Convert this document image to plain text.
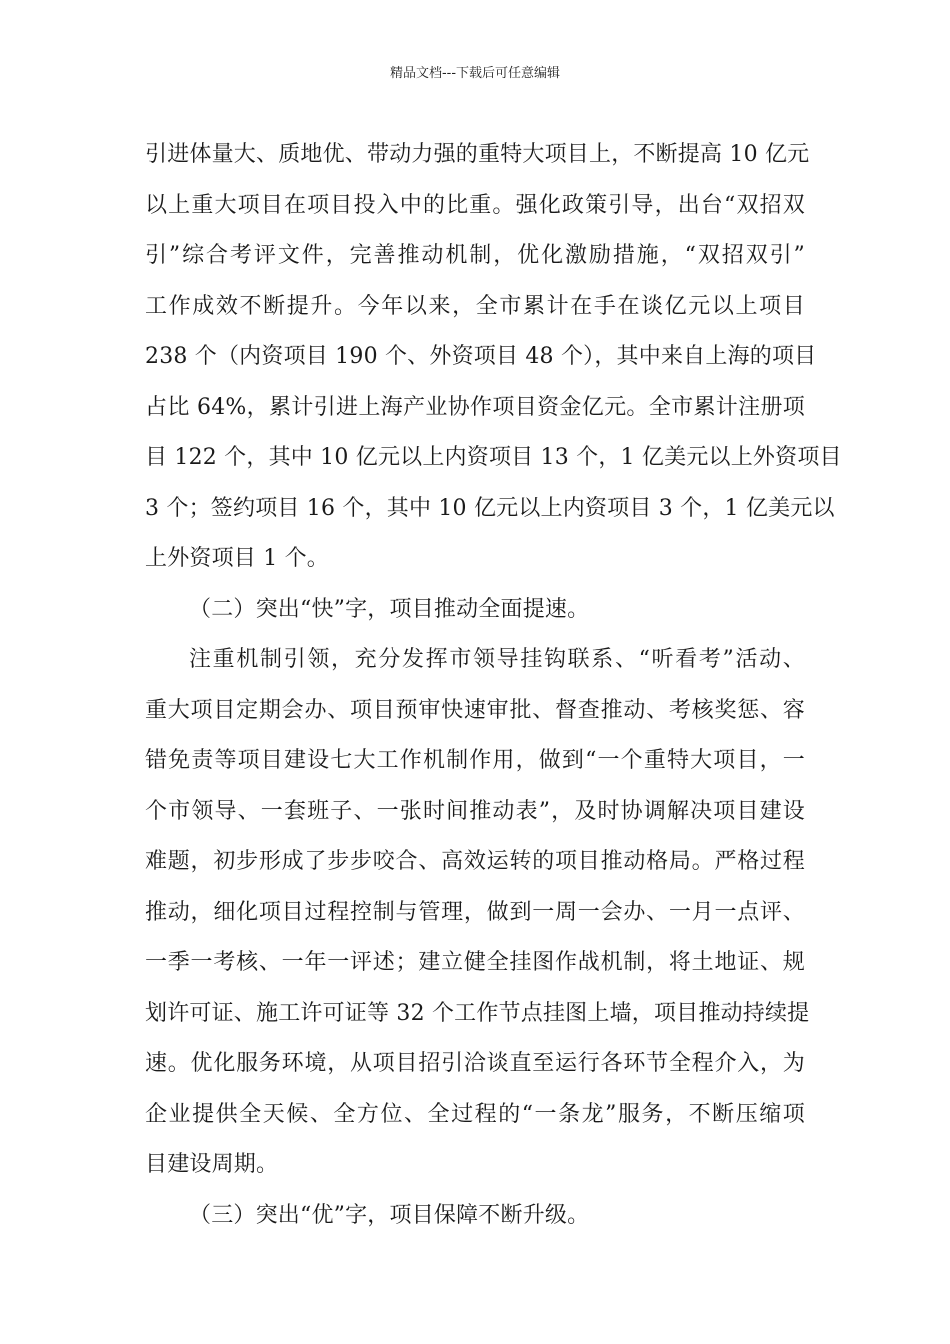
精品文档---下载后可任意编辑
引进体量大、质地优、带动力强的重特大项目上，不断提高 10 亿元
以上重大项目在项目投入中的比重。强化政策引导，出台“双招双
引”综合考评文件，完善推动机制，优化激励措施，“双招双引”
工作成效不断提升。今年以来，全市累计在手在谈亿元以上项目
238 个（内资项目 190 个、外资项目 48 个），其中来自上海的项目
占比 64%，累计引进上海产业协作项目资金亿元。全市累计注册项
目 122 个，其中 10 亿元以上内资项目 13 个，1 亿美元以上外资项目
3 个；签约项目 16 个，其中 10 亿元以上内资项目 3 个，1 亿美元以
上外资项目 1 个。
（二）突出“快”字，项目推动全面提速。
注重机制引领，充分发挥市领导挂钩联系、“听看考”活动、
重大项目定期会办、项目预审快速审批、督查推动、考核奖惩、容
错免责等项目建设七大工作机制作用，做到“一个重特大项目，一
个市领导、一套班子、一张时间推动表”，及时协调解决项目建设
难题，初步形成了步步咬合、高效运转的项目推动格局。严格过程
推动，细化项目过程控制与管理，做到一周一会办、一月一点评、
一季一考核、一年一评述；建立健全挂图作战机制，将土地证、规
划许可证、施工许可证等 32 个工作节点挂图上墙，项目推动持续提
速。优化服务环境，从项目招引洽谈直至运行各环节全程介入，为
企业提供全天候、全方位、全过程的“一条龙”服务，不断压缩项
目建设周期。
（三）突出“优”字，项目保障不断升级。
